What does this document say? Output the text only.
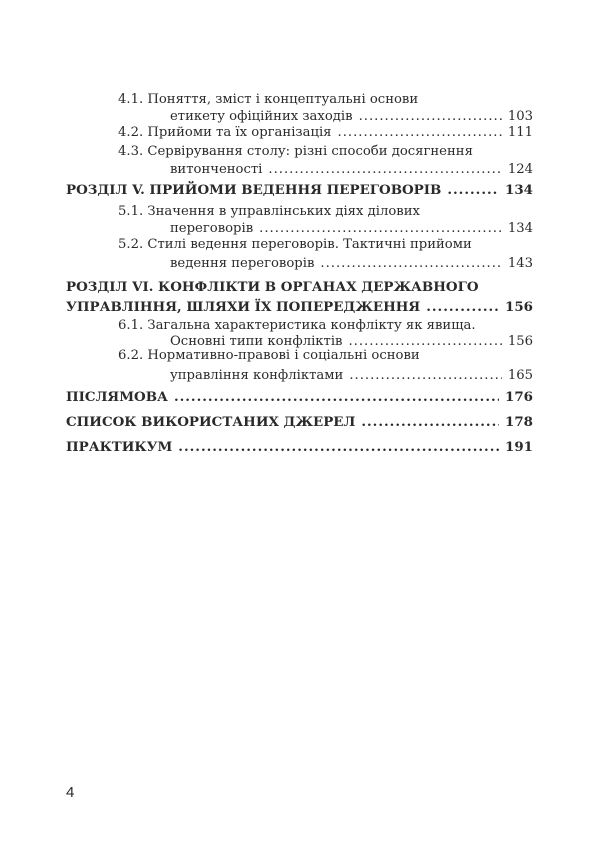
4.1. Поняття, зміст і концептуальні основи
етикету офіційних заходів .....	103
4.2. Прийоми та їх організація .....	111
4.3. Сервірування столу: різні способи досягнення
витонченості .....	124
РОЗДІЛ V. ПРИЙОМИ ВЕДЕННЯ ПЕРЕГОВОРІВ .....	134
5.1. Значення в управлінських діях ділових
переговорів .....	134
5.2. Стилі ведення переговорів. Тактичні прийоми
ведення переговорів .....	143
РОЗДІЛ VI. КОНФЛІКТИ В ОРГАНАХ ДЕРЖАВНОГО
УПРАВЛІННЯ, ШЛЯХИ ЇХ ПОПЕРЕДЖЕННЯ .....	156
6.1. Загальна характеристика конфлікту як явища.
Основні типи конфліктів .....	156
6.2. Нормативно-правові і соціальні основи
управління конфліктами .....	165
ПІСЛЯМОВА .....	176
СПИСОК ВИКОРИСТАНИХ ДЖЕРЕЛ .....	178
ПРАКТИКУМ .....	191
4
